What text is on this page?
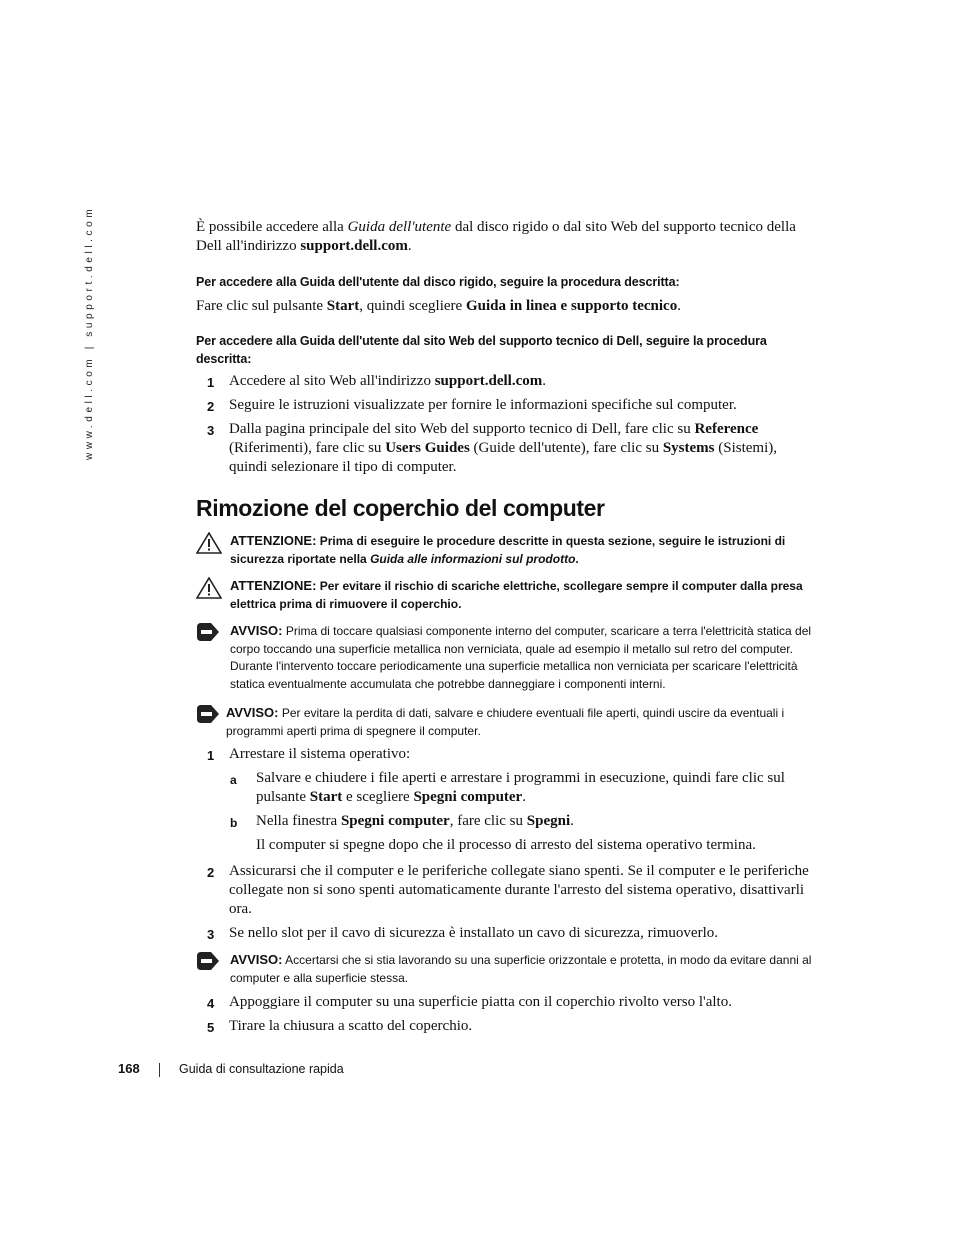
www.dell.com | support.dell.com	È possibile accedere alla Guida dell'utente dal disco rigido o dal sito Web del supporto tecnico della Dell all'indirizzo support.dell.com.

Per accedere alla Guida dell'utente dal disco rigido, seguire la procedura descritta:

Fare clic sul pulsante Start, quindi scegliere Guida in linea e supporto tecnico.

Per accedere alla Guida dell'utente dal sito Web del supporto tecnico di Dell, seguire la procedura descritta:

1 Accedere al sito Web all'indirizzo support.dell.com.
2 Seguire le istruzioni visualizzate per fornire le informazioni specifiche sul computer.
3 Dalla pagina principale del sito Web del supporto tecnico di Dell, fare clic su Reference (Riferimenti), fare clic su Users Guides (Guide dell'utente), fare clic su Systems (Sistemi), quindi selezionare il tipo di computer.
Rimozione del coperchio del computer
ATTENZIONE: Prima di eseguire le procedure descritte in questa sezione, seguire le istruzioni di sicurezza riportate nella Guida alle informazioni sul prodotto.
ATTENZIONE: Per evitare il rischio di scariche elettriche, scollegare sempre il computer dalla presa elettrica prima di rimuovere il coperchio.
AVVISO: Prima di toccare qualsiasi componente interno del computer, scaricare a terra l'elettricità statica del corpo toccando una superficie metallica non verniciata, quale ad esempio il metallo sul retro del computer. Durante l'intervento toccare periodicamente una superficie metallica non verniciata per scaricare l'elettricità statica eventualmente accumulata che potrebbe danneggiare i componenti interni.
AVVISO: Per evitare la perdita di dati, salvare e chiudere eventuali file aperti, quindi uscire da eventuali i programmi aperti prima di spegnere il computer.
1 Arrestare il sistema operativo:
a Salvare e chiudere i file aperti e arrestare i programmi in esecuzione, quindi fare clic sul pulsante Start e scegliere Spegni computer.
b Nella finestra Spegni computer, fare clic su Spegni.

Il computer si spegne dopo che il processo di arresto del sistema operativo termina.

2 Assicurarsi che il computer e le periferiche collegate siano spenti. Se il computer e le periferiche collegate non si sono spenti automaticamente durante l'arresto del sistema operativo, disattivarli ora.
3 Se nello slot per il cavo di sicurezza è installato un cavo di sicurezza, rimuoverlo.
AVVISO: Accertarsi che si stia lavorando su una superficie orizzontale e protetta, in modo da evitare danni al computer e alla superficie stessa.
4 Appoggiare il computer su una superficie piatta con il coperchio rivolto verso l'alto.
5 Tirare la chiusura a scatto del coperchio.
168	Guida di consultazione rapida
